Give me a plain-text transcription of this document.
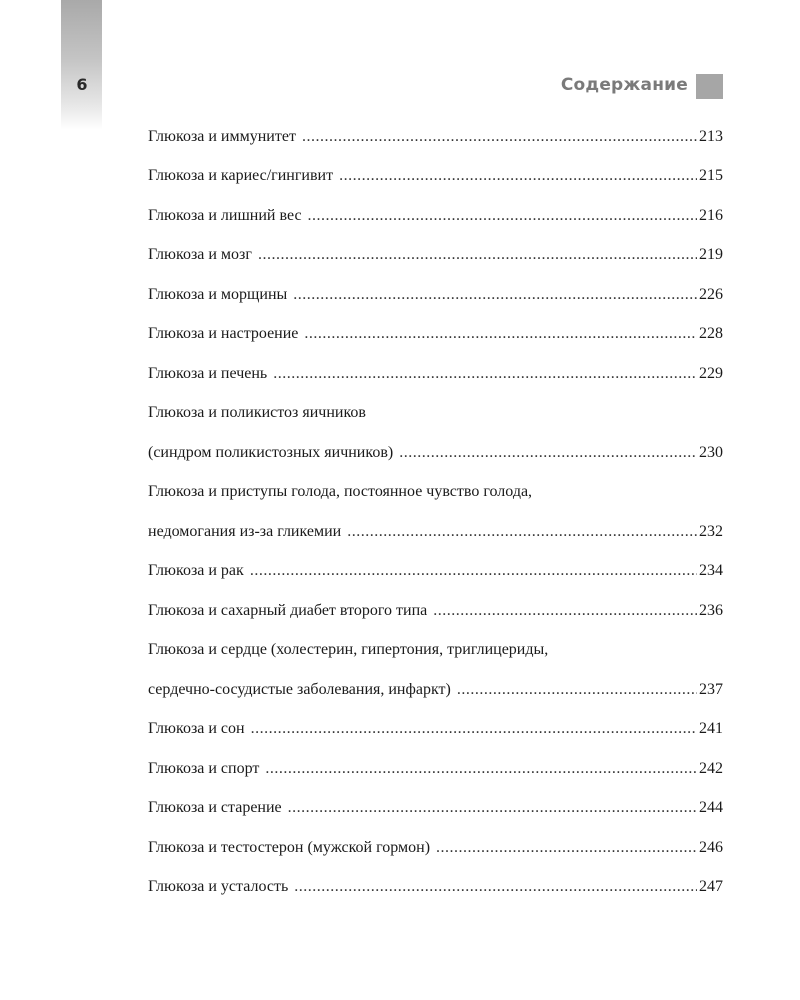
6	Содержание
Глюкоза и иммунитет .....	213
Глюкоза и кариес/гингивит .....	215
Глюкоза и лишний вес .....	216
Глюкоза и мозг .....	219
Глюкоза и морщины .....	226
Глюкоза и настроение .....	228
Глюкоза и печень .....	229
Глюкоза и поликистоз яичников
(синдром поликистозных яичников) .....	230
Глюкоза и приступы голода, постоянное чувство голода,
недомогания из-за гликемии .....	232
Глюкоза и рак .....	234
Глюкоза и сахарный диабет второго типа .....	236
Глюкоза и сердце (холестерин, гипертония, триглицериды,
сердечно-сосудистые заболевания, инфаркт) .....	237
Глюкоза и сон .....	241
Глюкоза и спорт .....	242
Глюкоза и старение .....	244
Глюкоза и тестостерон (мужской гормон) .....	246
Глюкоза и усталость .....	247
